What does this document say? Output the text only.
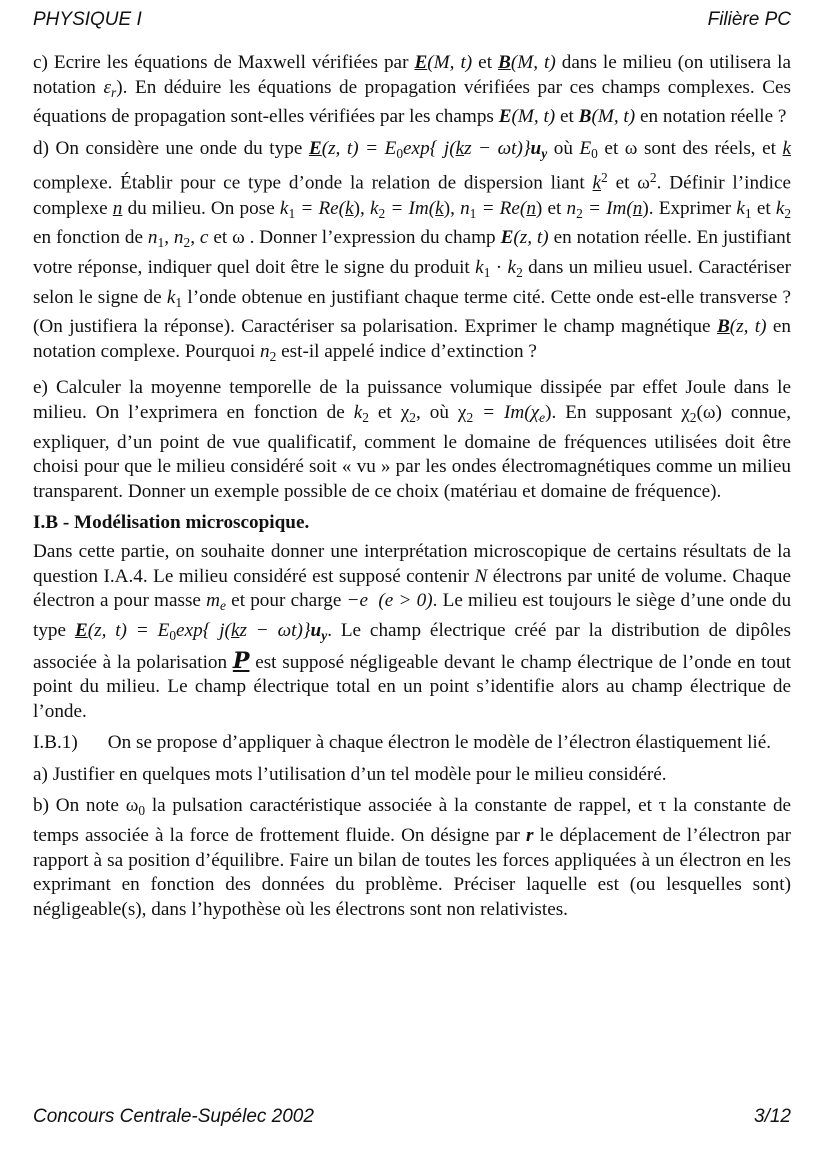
PHYSIQUE I	Filière PC

c) Ecrire les équations de Maxwell vérifiées par E(M, t) et B(M, t) dans le milieu (on utilisera la notation $\varepsilon_r$). En déduire les équations de propagation vérifiées par ces champs complexes. Ces équations de propagation sont-elles vérifiées par les champs E(M, t) et B(M, t) en notation réelle ?

d) On considère une onde du type E(z, $t) = E_0\exp${ $j(kz - \omega t)\}u_y$ où $E_0$ et ω sont des réels, et k complexe. Établir pour ce type d’onde la relation de dispersion liant $k^2$ et $\omega^2$. Définir l’indice complexe n du milieu. On pose $k_1 = Re(k)$, $k_2 = Im(k)$, $n_1 = Re(n)$ et $n_2 = Im(n)$. Exprimer $k_1$ et $k_2$ en fonction de $n_1$, $n_2$, c et ω . Donner l’expression du champ E(z, t) en notation réelle. En justifiant votre réponse, indiquer quel doit être le signe du produit $k_1 \cdot k_2$ dans un milieu usuel. Caractériser selon le signe de $k_1$ l’onde obtenue en justifiant chaque terme cité. Cette onde est-elle transverse ? (On justifiera la réponse). Caractériser sa polarisation. Exprimer le champ magnétique B(z, t) en notation complexe. Pourquoi $n_2$ est-il appelé indice d’extinction ?

e) Calculer la moyenne temporelle de la puissance volumique dissipée par effet Joule dans le milieu. On l’exprimera en fonction de $k_2$ et $\chi_2$, où $\chi_2 = Im(\chi_e)$. En supposant $\chi_2(\omega)$ connue, expliquer, d’un point de vue qualificatif, comment le domaine de fréquences utilisées doit être choisi pour que le milieu considéré soit « vu » par les ondes électromagnétiques comme un milieu transparent. Donner un exemple possible de ce choix (matériau et domaine de fréquence).

I.B - Modélisation microscopique.

Dans cette partie, on souhaite donner une interprétation microscopique de certains résultats de la question I.A.4. Le milieu considéré est supposé contenir N électrons par unité de volume. Chaque électron a pour masse $m_e$ et pour charge −e (e > 0). Le milieu est toujours le siège d’une onde du type E(z, $t) = E_0\exp${ $j(kz - \omega t)\}u_y$. Le champ électrique créé par la distribution de dipôles associée à la polarisation P est supposé négligeable devant le champ électrique de l’onde en tout point du milieu. Le champ électrique total en un point s’identifie alors au champ électrique de l’onde.

I.B.1) On se propose d’appliquer à chaque électron le modèle de l’électron élastiquement lié.

a) Justifier en quelques mots l’utilisation d’un tel modèle pour le milieu considéré.

b) On note $\omega_0$ la pulsation caractéristique associée à la constante de rappel, et τ la constante de temps associée à la force de frottement fluide. On désigne par r le déplacement de l’électron par rapport à sa position d’équilibre. Faire un bilan de toutes les forces appliquées à un électron en les exprimant en fonction des données du problème. Préciser laquelle est (ou lesquelles sont) négligeable(s), dans l’hypothèse où les électrons sont non relativistes.

Concours Centrale-Supélec 2002	3/12
